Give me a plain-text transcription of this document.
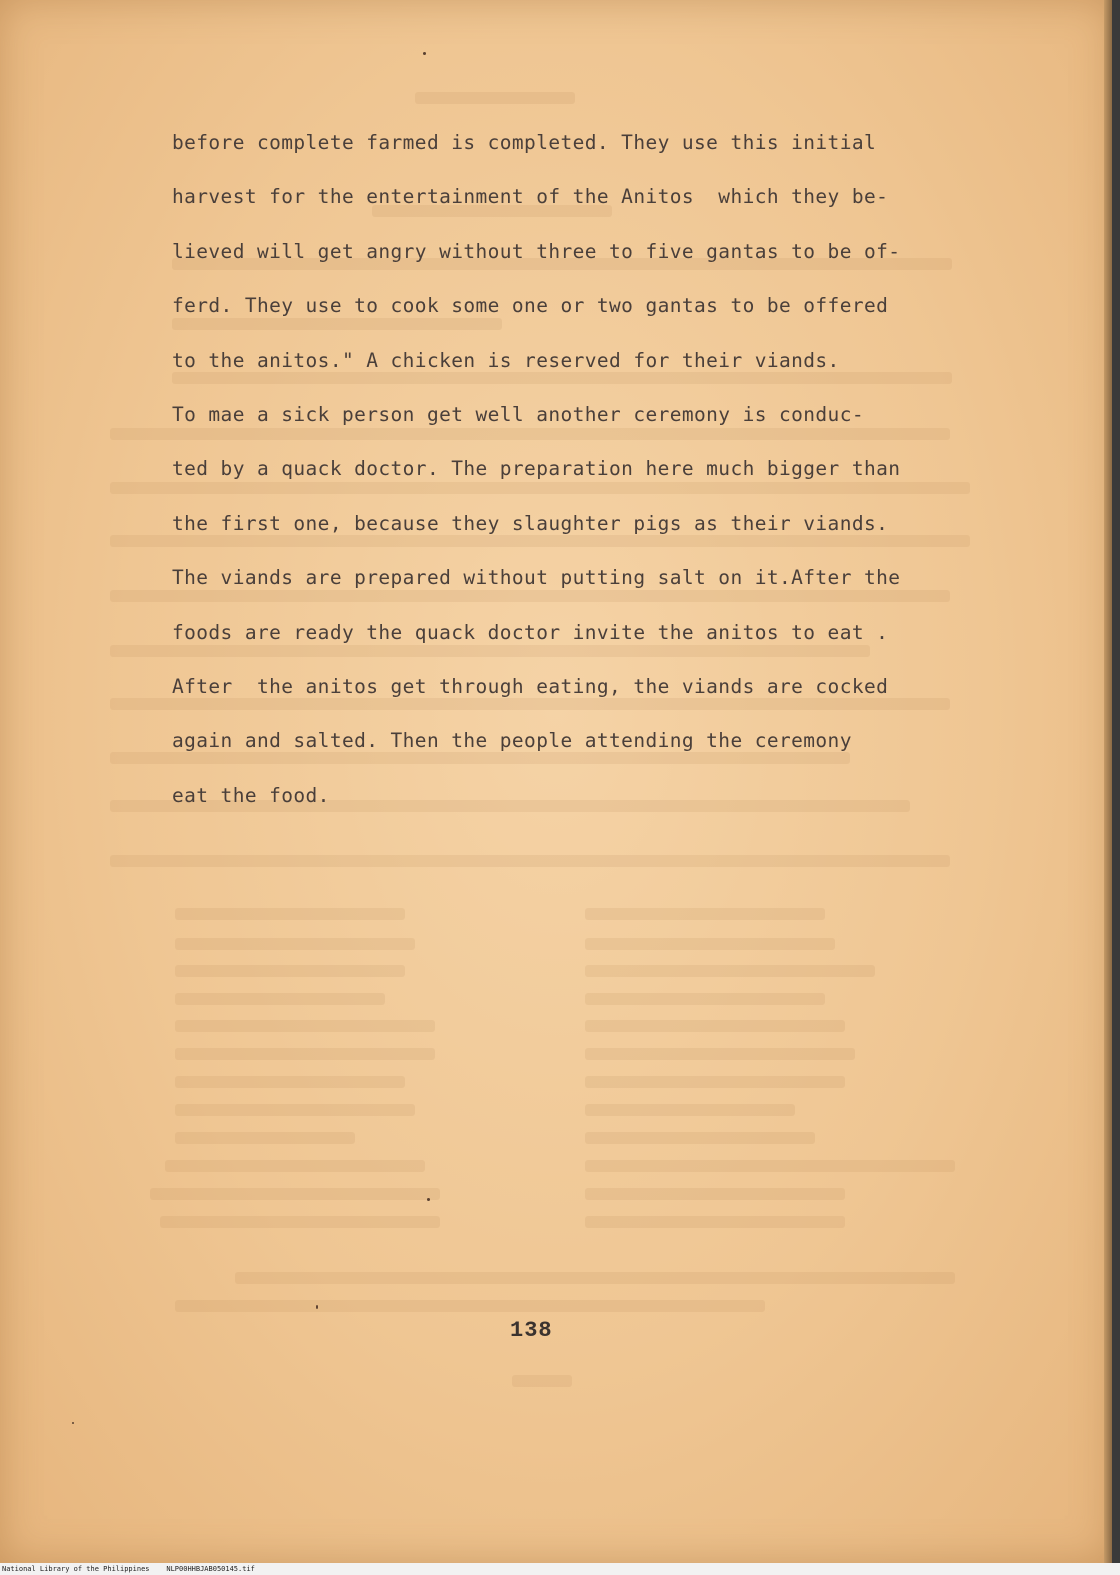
before complete farmed is completed. They use this initial
harvest for the entertainment of the Anitos  which they be-
lieved will get angry without three to five gantas to be of-
ferd. They use to cook some one or two gantas to be offered
to the anitos." A chicken is reserved for their viands.
To mae a sick person get well another ceremony is conduc-
ted by a quack doctor. The preparation here much bigger than
the first one, because they slaughter pigs as their viands.
The viands are prepared without putting salt on it.After the
foods are ready the quack doctor invite the anitos to eat .
After  the anitos get through eating, the viands are cocked
again and salted. Then the people attending the ceremony
eat the food.
138
National Library of the Philippines NLP00HHBJAB050145.tif
